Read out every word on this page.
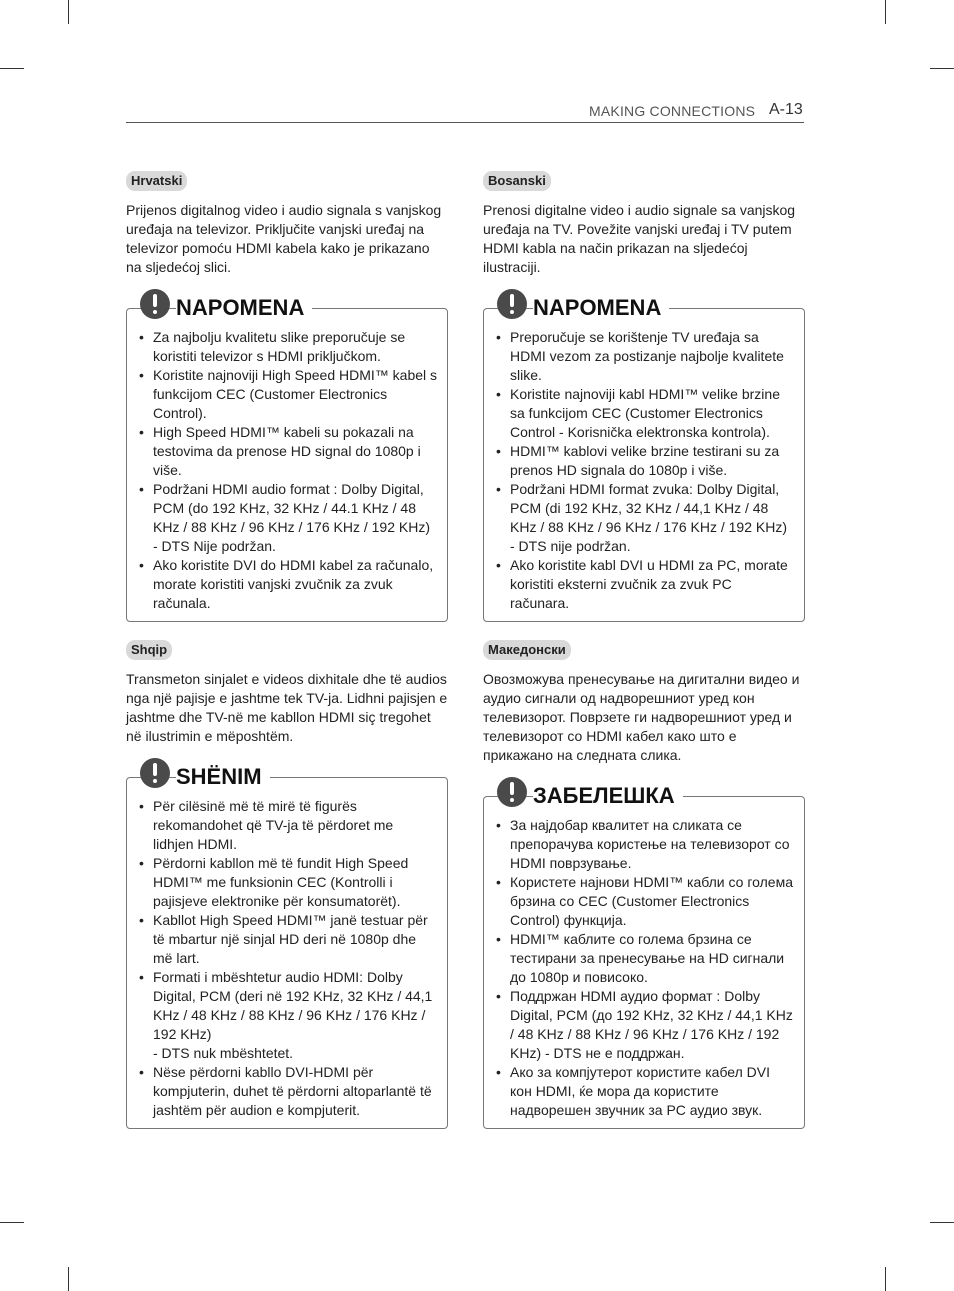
MAKING CONNECTIONS A-13
Hrvatski

Prijenos digitalnog video i audio signala s vanjskog uređaja na televizor. Priključite vanjski uređaj na televizor pomoću HDMI kabela kako je prikazano na sljedećoj slici.

NAPOMENA
• Za najbolju kvalitetu slike preporučuje se koristiti televizor s HDMI priključkom.
• Koristite najnoviji High Speed HDMI™ kabel s funkcijom CEC (Customer Electronics Control).
• High Speed HDMI™ kabeli su pokazali na testovima da prenose HD signal do 1080p i više.
• Podržani HDMI audio format : Dolby Digital, PCM (do 192 KHz, 32 KHz / 44.1 KHz / 48 KHz / 88 KHz / 96 KHz / 176 KHz / 192 KHz) - DTS Nije podržan.
• Ako koristite DVI do HDMI kabel za računalo, morate koristiti vanjski zvučnik za zvuk računala.
Bosanski

Prenosi digitalne video i audio signale sa vanjskog uređaja na TV. Povežite vanjski uređaj i TV putem HDMI kabla na način prikazan na sljedećoj ilustraciji.

NAPOMENA
• Preporučuje se korištenje TV uređaja sa HDMI vezom za postizanje najbolje kvalitete slike.
• Koristite najnoviji kabl HDMI™ velike brzine sa funkcijom CEC (Customer Electronics Control - Korisnička elektronska kontrola).
• HDMI™ kablovi velike brzine testirani su za prenos HD signala do 1080p i više.
• Podržani HDMI format zvuka: Dolby Digital, PCM (di 192 KHz, 32 KHz / 44,1 KHz / 48 KHz / 88 KHz / 96 KHz / 176 KHz / 192 KHz) - DTS nije podržan.
• Ako koristite kabl DVI u HDMI za PC, morate koristiti eksterni zvučnik za zvuk PC računara.
Shqip

Transmeton sinjalet e videos dixhitale dhe të audios nga një pajisje e jashtme tek TV-ja. Lidhni pajisjen e jashtme dhe TV-në me kabllon HDMI siç tregohet në ilustrimin e mëposhtëm.

SHËNIM
• Për cilësinë më të mirë të figurës rekomandohet që TV-ja të përdoret me lidhjen HDMI.
• Përdorni kabllon më të fundit High Speed HDMI™ me funksionin CEC (Kontrolli i pajisjeve elektronike për konsumatorët).
• Kabllot High Speed HDMI™ janë testuar për të mbartur një sinjal HD deri në 1080p dhe më lart.
• Formati i mbështetur audio HDMI: Dolby Digital, PCM (deri në 192 KHz, 32 KHz / 44,1 KHz / 48 KHz / 88 KHz / 96 KHz / 176 KHz / 192 KHz)
- DTS nuk mbështetet.
• Nëse përdorni kabllo DVI-HDMI për kompjuterin, duhet të përdorni altoparlantë të jashtëm për audion e kompjuterit.
Македонски

Овозможува пренесување на дигитални видео и аудио сигнали од надворешниот уред кон телевизорот. Поврзете ги надворешниот уред и телевизорот со HDMI кабел како што е прикажано на следната слика.

ЗАБЕЛЕШКА
• За најдобар квалитет на сликата се препорачува користење на телевизорот со HDMI поврзување.
• Користете најнови HDMI™ кабли со голема брзина со CEC (Customer Electronics Control) функција.
• HDMI™ каблите со голема брзина се тестирани за пренесување на HD сигнали до 1080p и повисоко.
• Поддржан HDMI аудио формат : Dolby Digital, PCM (до 192 KHz, 32 KHz / 44,1 KHz / 48 KHz / 88 KHz / 96 KHz / 176 KHz / 192 KHz) - DTS не е поддржан.
• Ако за компјутерот користите кабел DVI кон HDMI, ќе мора да користите надворешен звучник за PC аудио звук.
